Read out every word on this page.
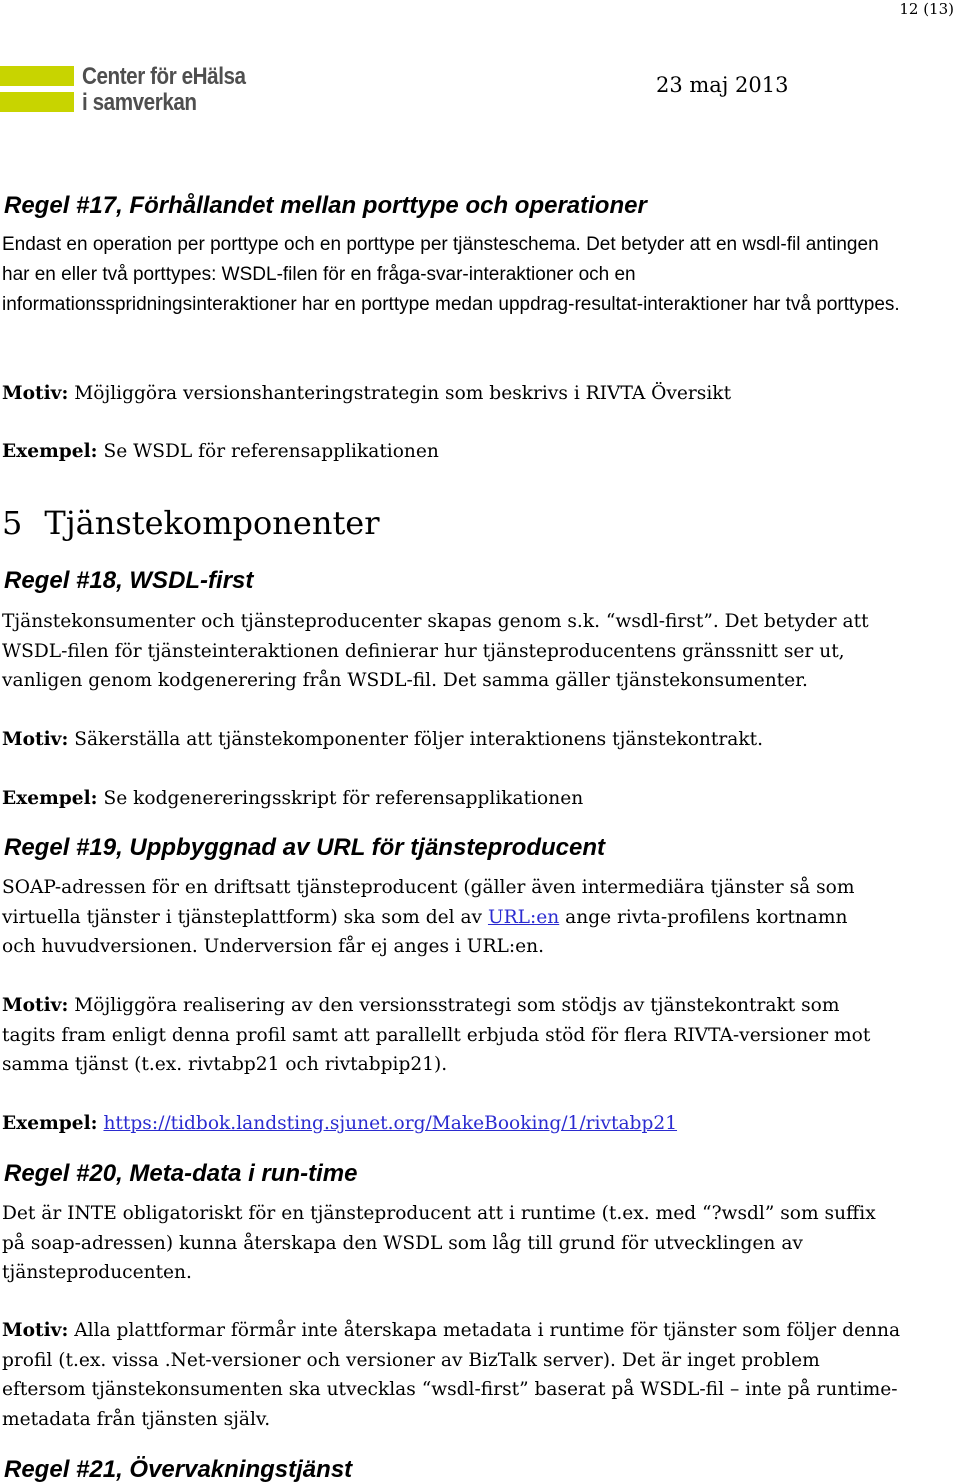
12 (13)
Center för eHälsa
i samverkan
23 maj 2013
Regel #17, Förhållandet mellan porttype och operationer

Endast en operation per porttype och en porttype per tjänsteschema. Det betyder att en wsdl-fil antingen har en eller två porttypes: WSDL-filen för en fråga-svar-interaktioner och en informationsspridningsinteraktioner har en porttype medan uppdrag-resultat-interaktioner har två porttypes.

Motiv: Möjliggöra versionshanteringstrategin som beskrivs i RIVTA Översikt

Exempel: Se WSDL för referensapplikationen

5 Tjänstekomponenter
Regel #18, WSDL-first

Tjänstekonsumenter och tjänsteproducenter skapas genom s.k. “wsdl-first”. Det betyder att WSDL-filen för tjänsteinteraktionen definierar hur tjänsteproducentens gränssnitt ser ut, vanligen genom kodgenerering från WSDL-fil. Det samma gäller tjänstekonsumenter.

Motiv: Säkerställa att tjänstekomponenter följer interaktionens tjänstekontrakt.

Exempel: Se kodgenereringsskript för referensapplikationen

Regel #19, Uppbyggnad av URL för tjänsteproducent

SOAP-adressen för en driftsatt tjänsteproducent (gäller även intermediära tjänster så som virtuella tjänster i tjänsteplattform) ska som del av URL:en ange rivta-profilens kortnamn och huvudversionen. Underversion får ej anges i URL:en.

Motiv: Möjliggöra realisering av den versionsstrategi som stödjs av tjänstekontrakt som tagits fram enligt denna profil samt att parallellt erbjuda stöd för flera RIVTA-versioner mot samma tjänst (t.ex. rivtabp21 och rivtabpip21).

Exempel: https://tidbok.landsting.sjunet.org/MakeBooking/1/rivtabp21

Regel #20, Meta-data i run-time

Det är INTE obligatoriskt för en tjänsteproducent att i runtime (t.ex. med “?wsdl” som suffix på soap-adressen) kunna återskapa den WSDL som låg till grund för utvecklingen av tjänsteproducenten.

Motiv: Alla plattformar förmår inte återskapa metadata i runtime för tjänster som följer denna profil (t.ex. vissa .Net-versioner och versioner av BizTalk server). Det är inget problem eftersom tjänstekonsumenten ska utvecklas “wsdl-first” baserat på WSDL-fil – inte på runtime-metadata från tjänsten själv.

Regel #21, Övervakningstjänst
